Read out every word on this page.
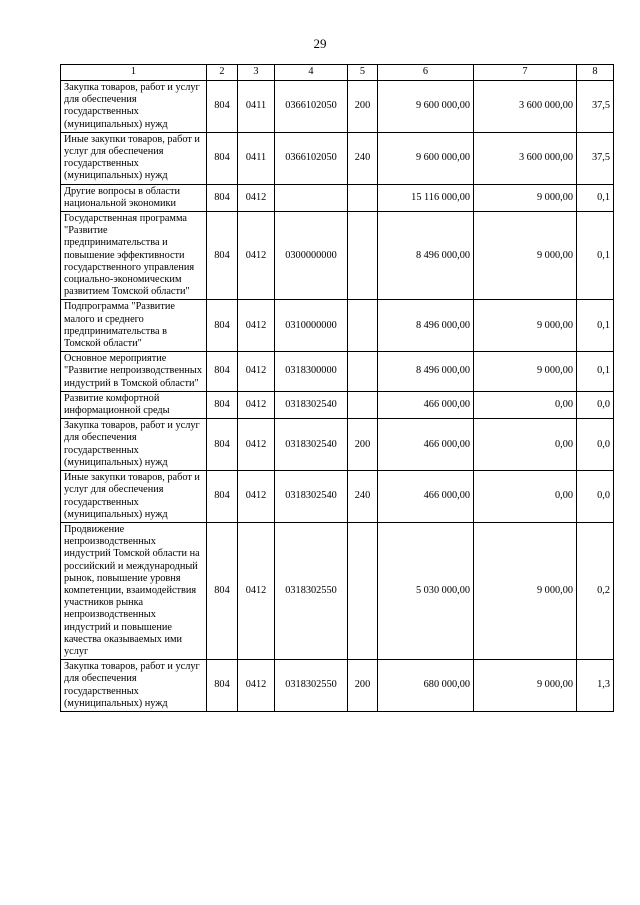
29
1	2	3	4	5	6	7	8
Закупка товаров, работ и услуг для обеспечения государственных (муниципальных) нужд	804	0411	0366102050	200	9 600 000,00	3 600 000,00	37,5
Иные закупки товаров, работ и услуг для обеспечения государственных (муниципальных) нужд	804	0411	0366102050	240	9 600 000,00	3 600 000,00	37,5
Другие вопросы в области национальной экономики	804	0412			15 116 000,00	9 000,00	0,1
Государственная программа "Развитие предпринимательства и повышение эффективности государственного управления социально-экономическим развитием Томской области"	804	0412	0300000000		8 496 000,00	9 000,00	0,1
Подпрограмма "Развитие малого и среднего предпринимательства в Томской области"	804	0412	0310000000		8 496 000,00	9 000,00	0,1
Основное мероприятие "Развитие непроизводственных индустрий в Томской области"	804	0412	0318300000		8 496 000,00	9 000,00	0,1
Развитие комфортной информационной среды	804	0412	0318302540		466 000,00	0,00	0,0
Закупка товаров, работ и услуг для обеспечения государственных (муниципальных) нужд	804	0412	0318302540	200	466 000,00	0,00	0,0
Иные закупки товаров, работ и услуг для обеспечения государственных (муниципальных) нужд	804	0412	0318302540	240	466 000,00	0,00	0,0
Продвижение непроизводственных индустрий Томской области на российский и международный рынок, повышение уровня компетенции, взаимодействия участников рынка непроизводственных индустрий и повышение качества оказываемых ими услуг	804	0412	0318302550		5 030 000,00	9 000,00	0,2
Закупка товаров, работ и услуг для обеспечения государственных (муниципальных) нужд	804	0412	0318302550	200	680 000,00	9 000,00	1,3
